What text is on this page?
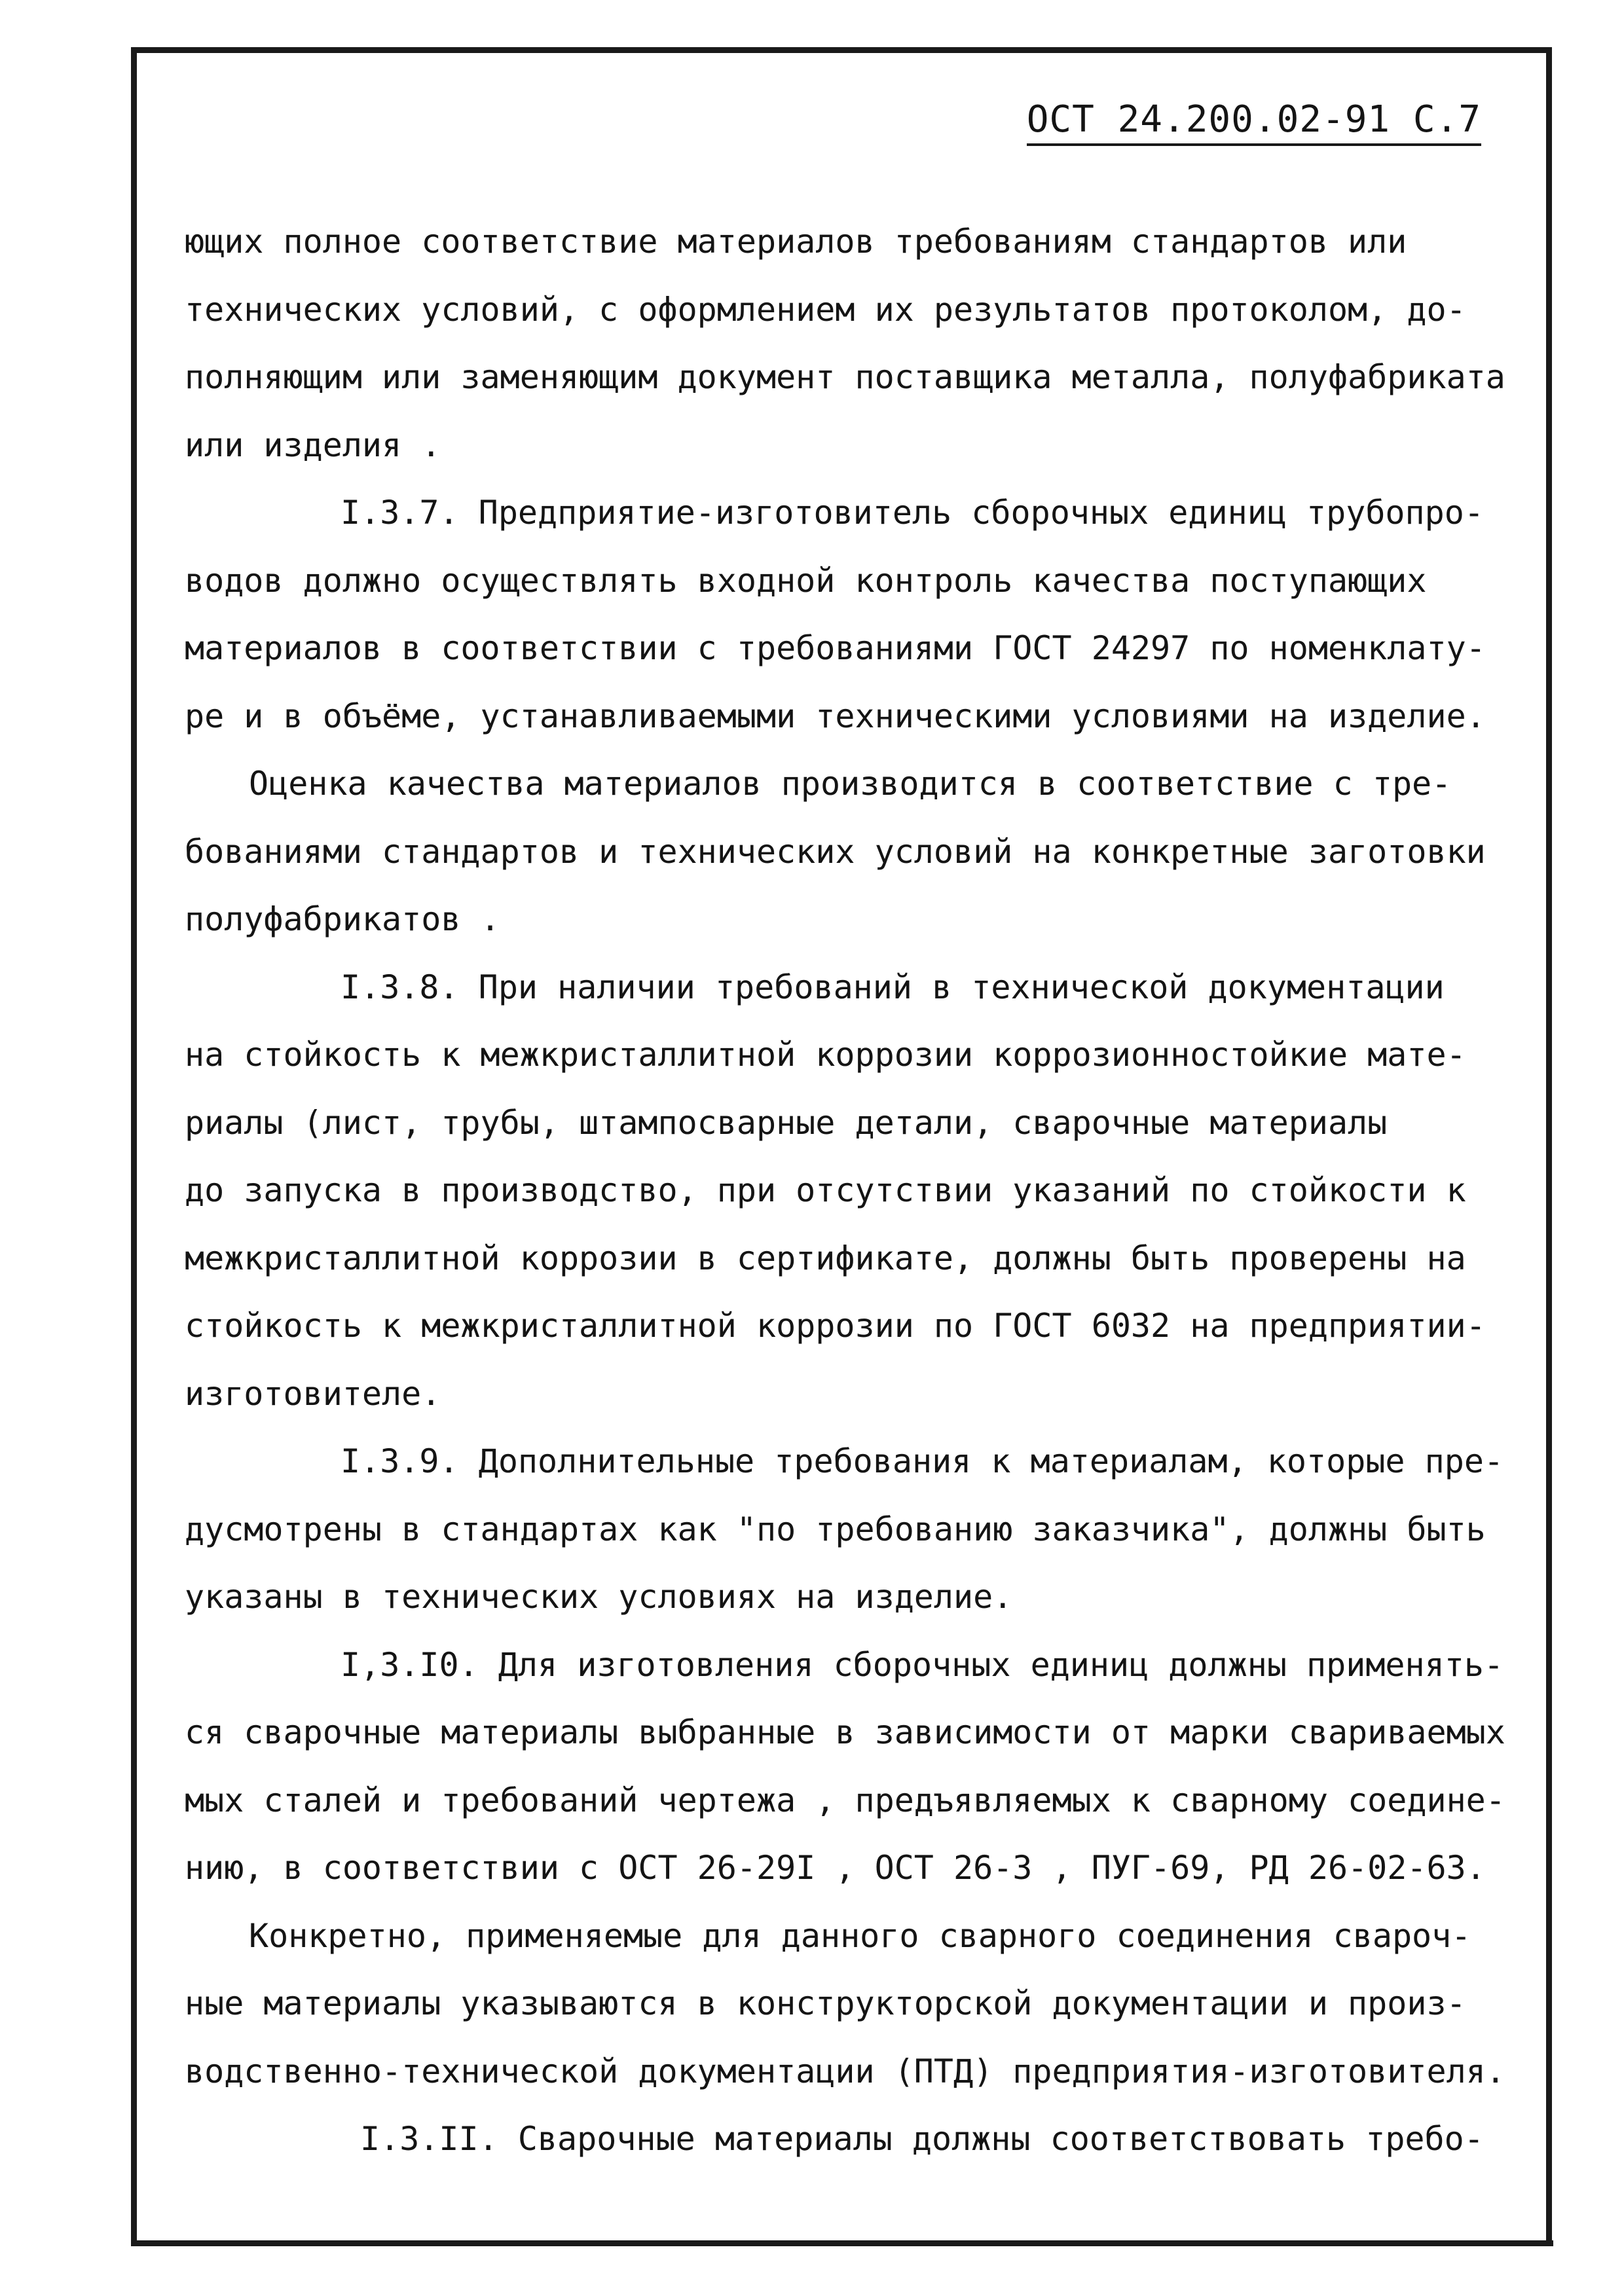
ОСТ 24.200.02-91 С.7
ющих полное соответствие материалов требованиям стандартов или
технических условий, с оформлением их результатов протоколом, до-
полняющим или заменяющим документ поставщика металла, полуфабриката
или изделия .
I.3.7. Предприятие-изготовитель сборочных единиц трубопро-
водов должно осуществлять входной контроль качества поступающих
материалов в соответствии с требованиями ГОСТ 24297 по номенклату-
ре и в объёме, устанавливаемыми техническими условиями на изделие.
Оценка качества материалов производится в соответствие с тре-
бованиями стандартов и технических условий на конкретные заготовки
полуфабрикатов .
I.3.8. При наличии требований в технической документации
на стойкость к межкристаллитной коррозии коррозионностойкие мате-
риалы (лист, трубы, штампосварные детали, сварочные материалы
до запуска в производство, при отсутствии указаний по стойкости к
межкристаллитной коррозии в сертификате, должны быть проверены на
стойкость к межкристаллитной коррозии по ГОСТ 6032 на предприятии-
изготовителе.
I.3.9. Дополнительные требования к материалам, которые пре-
дусмотрены в стандартах как "по требованию заказчика", должны быть
указаны в технических условиях на изделие.
I,3.I0. Для изготовления сборочных единиц должны применять-
ся сварочные материалы выбранные в зависимости от марки свариваемых
мых сталей и требований чертежа , предъявляемых к сварному соедине-
нию, в соответствии с ОСТ 26-29I , ОСТ 26-3 , ПУГ-69, РД 26-02-63.
Конкретно, применяемые для данного сварного соединения свароч-
ные материалы указываются в конструкторской документации и произ-
водственно-технической документации (ПТД) предприятия-изготовителя.
I.3.II. Сварочные материалы должны соответствовать требо-
